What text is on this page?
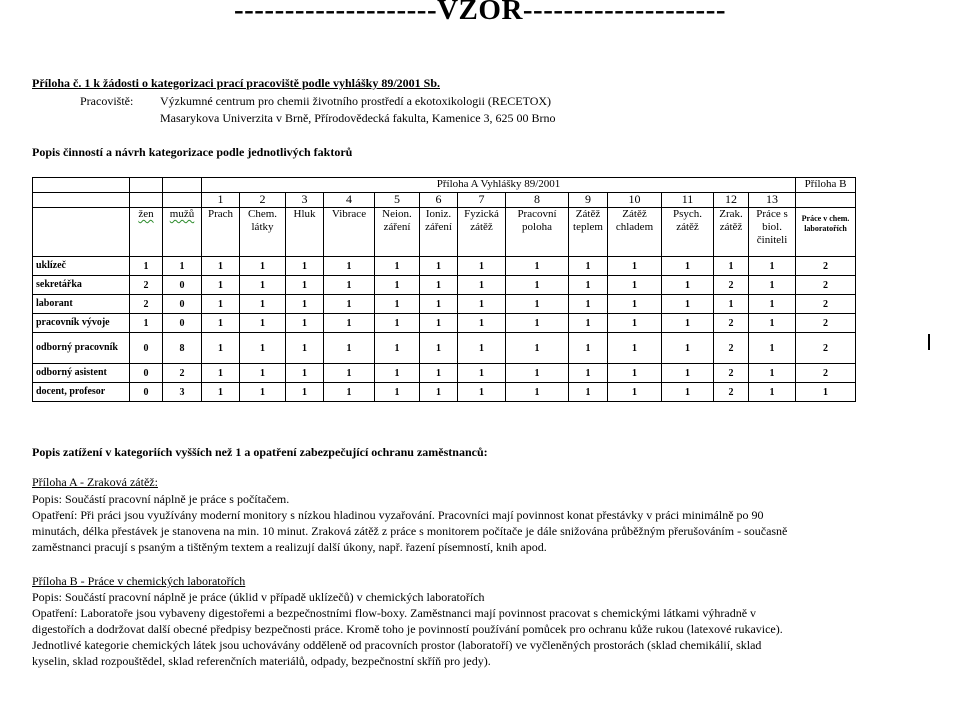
--------------------VZOR--------------------
Příloha č. 1 k žádosti o kategorizaci prací pracoviště podle vyhlášky 89/2001 Sb.
Pracoviště: Výzkumné centrum pro chemii životního prostředí a ekotoxikologii (RECETOX)
Masarykova Univerzita v Brně, Přírodovědecká fakulta, Kamenice 3, 625 00 Brno
Popis činností a návrh kategorizace podle jednotlivých faktorů
			Příloha A Vyhlášky 89/2001													Příloha B
			1	2	3	4	5	6	7	8	9	10	11	12	13	
	žen	mužů	Prach	Chem. látky	Hluk	Vibrace	Neion. záření	Ioniz. záření	Fyzická zátěž	Pracovní poloha	Zátěž teplem	Zátěž chladem	Psych. zátěž	Zrak. zátěž	Práce s biol. činiteli	Práce v chem. laboratořích

uklízeč	1	1	1	1	1	1	1	1	1	1	1	1	1	1	1	2
sekretářka	2	0	1	1	1	1	1	1	1	1	1	1	1	2	1	2
laborant	2	0	1	1	1	1	1	1	1	1	1	1	1	1	1	2
pracovník vývoje	1	0	1	1	1	1	1	1	1	1	1	1	1	2	1	2
odborný pracovník	0	8	1	1	1	1	1	1	1	1	1	1	1	2	1	2
odborný asistent	0	2	1	1	1	1	1	1	1	1	1	1	1	2	1	2
docent, profesor	0	3	1	1	1	1	1	1	1	1	1	1	1	2	1	1
Popis zatížení v kategoriích vyšších než 1 a opatření zabezpečující ochranu zaměstnanců:
Příloha A - Zraková zátěž:
Popis: Součástí pracovní náplně je práce s počítačem.
Opatření: Při práci jsou využívány moderní monitory s nízkou hladinou vyzařování. Pracovníci mají povinnost konat přestávky v práci minimálně po 90
minutách, délka přestávek je stanovena na min. 10 minut. Zraková zátěž z práce s monitorem počítače je dále snižována průběžným přerušováním - současně
zaměstnanci pracují s psaným a tištěným textem a realizují další úkony, např. řazení písemností, knih apod.
Příloha B - Práce v chemických laboratořích
Popis: Součástí pracovní náplně je práce (úklid v případě uklízečů) v chemických laboratořích
Opatření: Laboratoře jsou vybaveny digestořemi a bezpečnostními flow-boxy. Zaměstnanci mají povinnost pracovat s chemickými látkami výhradně v
digestořích a dodržovat další obecné předpisy bezpečnosti práce. Kromě toho je povinností používání pomůcek pro ochranu kůže rukou (latexové rukavice).
Jednotlivé kategorie chemických látek jsou uchovávány odděleně od pracovních prostor (laboratoří) ve vyčleněných prostorách (sklad chemikálií, sklad
kyselin, sklad rozpouštědel, sklad referenčních materiálů, odpady, bezpečnostní skříň pro jedy).
